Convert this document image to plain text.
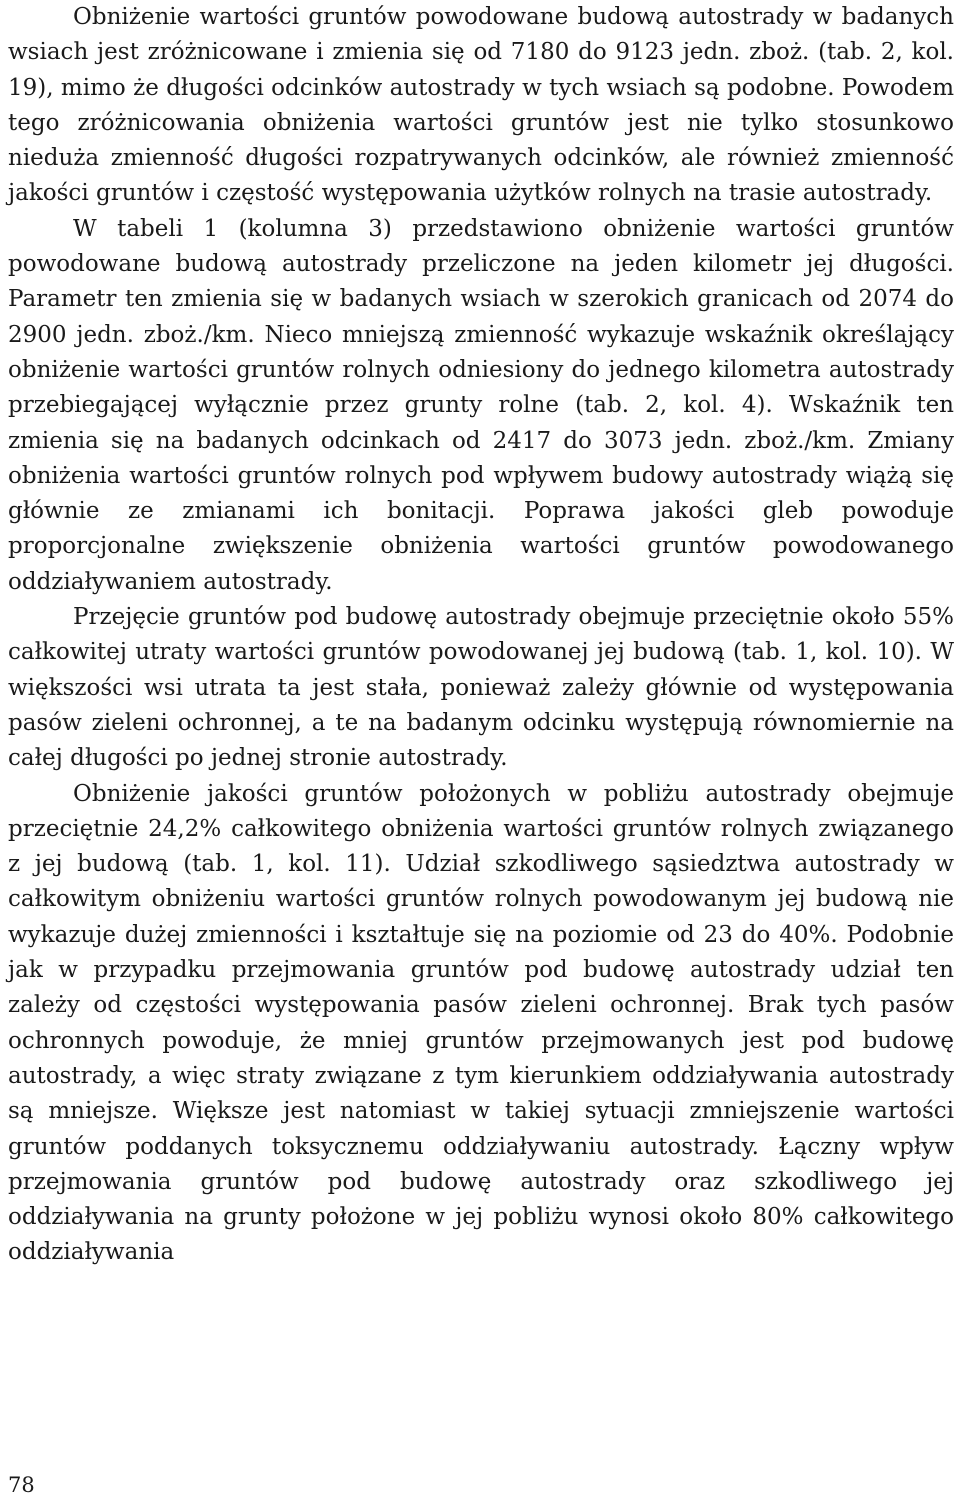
Obniżenie wartości gruntów powodowane budową autostrady w badanych wsiach jest zróżnicowane i zmienia się od 7180 do 9123 jedn. zboż. (tab. 2, kol. 19), mimo że długości odcinków autostrady w tych wsiach są podobne. Powodem tego zróżnicowania obniżenia wartości gruntów jest nie tylko stosunkowo nieduża zmienność długości rozpatrywanych odcinków, ale również zmienność jakości gruntów i częstość występowania użytków rolnych na trasie autostrady.

W tabeli 1 (kolumna 3) przedstawiono obniżenie wartości gruntów powodowane budową autostrady przeliczone na jeden kilometr jej długości. Parametr ten zmienia się w badanych wsiach w szerokich granicach od 2074 do 2900 jedn. zboż./km. Nieco mniejszą zmienność wykazuje wskaźnik określający obniżenie wartości gruntów rolnych odniesiony do jednego kilometra autostrady przebiegającej wyłącznie przez grunty rolne (tab. 2, kol. 4). Wskaźnik ten zmienia się na badanych odcinkach od 2417 do 3073 jedn. zboż./km. Zmiany obniżenia wartości gruntów rolnych pod wpływem budowy autostrady wiążą się głównie ze zmianami ich bonitacji. Poprawa jakości gleb powoduje proporcjonalne zwiększenie obniżenia wartości gruntów powodowanego oddziaływaniem autostrady.

Przejęcie gruntów pod budowę autostrady obejmuje przeciętnie około 55% całkowitej utraty wartości gruntów powodowanej jej budową (tab. 1, kol. 10). W większości wsi utrata ta jest stała, ponieważ zależy głównie od występowania pasów zieleni ochronnej, a te na badanym odcinku występują równomiernie na całej długości po jednej stronie autostrady.

Obniżenie jakości gruntów położonych w pobliżu autostrady obejmuje przeciętnie 24,2% całkowitego obniżenia wartości gruntów rolnych związanego z jej budową (tab. 1, kol. 11). Udział szkodliwego sąsiedztwa autostrady w całkowitym obniżeniu wartości gruntów rolnych powodowanym jej budową nie wykazuje dużej zmienności i kształtuje się na poziomie od 23 do 40%. Podobnie jak w przypadku przejmowania gruntów pod budowę autostrady udział ten zależy od częstości występowania pasów zieleni ochronnej. Brak tych pasów ochronnych powoduje, że mniej gruntów przejmowanych jest pod budowę autostrady, a więc straty związane z tym kierunkiem oddziaływania autostrady są mniejsze. Większe jest natomiast w takiej sytuacji zmniejszenie wartości gruntów poddanych toksycznemu oddziaływaniu autostrady. Łączny wpływ przejmowania gruntów pod budowę autostrady oraz szkodliwego jej oddziaływania na grunty położone w jej pobliżu wynosi około 80% całkowitego oddziaływania

78
